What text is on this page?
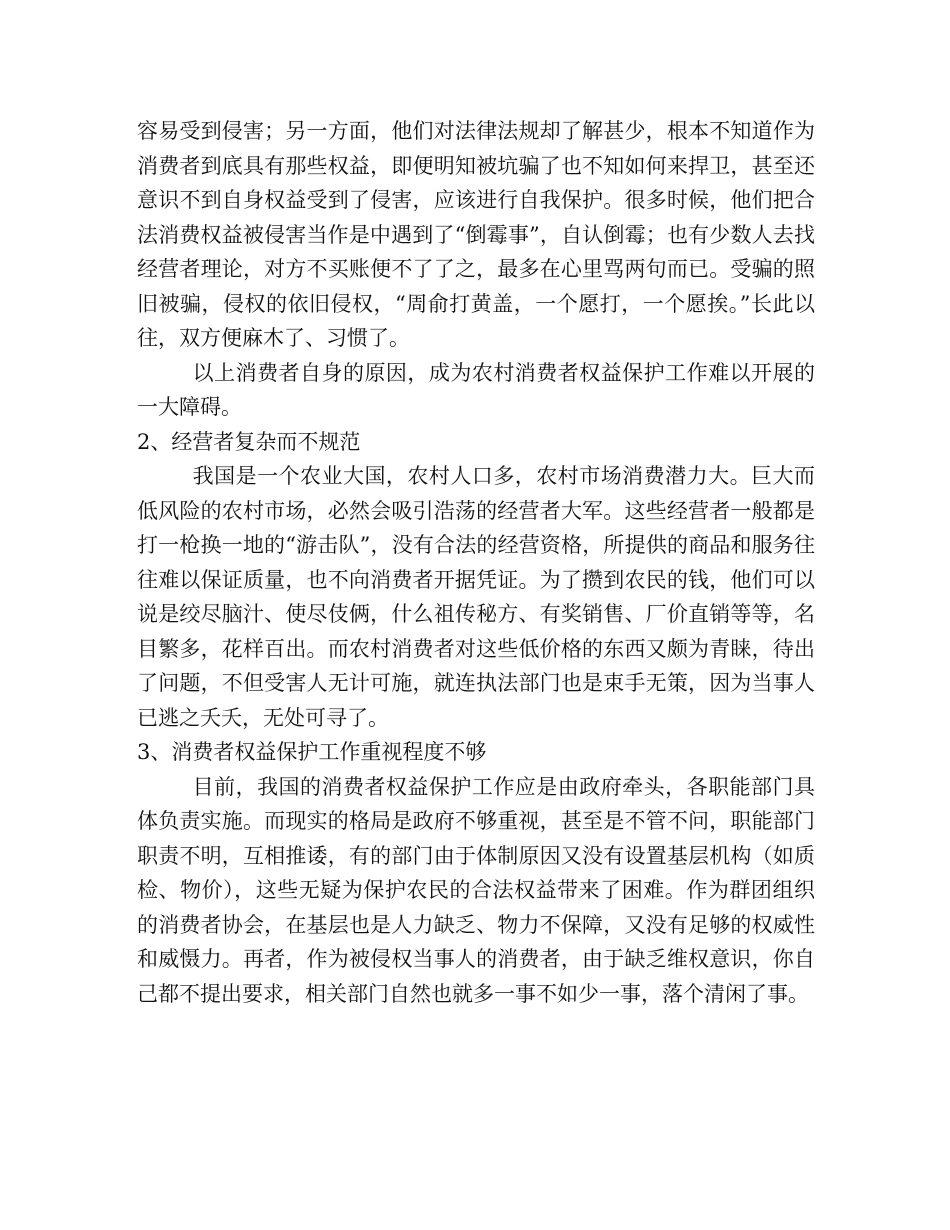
容易受到侵害；另一方面，他们对法律法规却了解甚少，根本不知道作为消费者到底具有那些权益，即便明知被坑骗了也不知如何来捍卫，甚至还意识不到自身权益受到了侵害，应该进行自我保护。很多时候，他们把合法消费权益被侵害当作是中遇到了“倒霉事”，自认倒霉；也有少数人去找经营者理论，对方不买账便不了了之，最多在心里骂两句而已。受骗的照旧被骗，侵权的依旧侵权，“周俞打黄盖，一个愿打，一个愿挨。”长此以往，双方便麻木了、习惯了。

以上消费者自身的原因，成为农村消费者权益保护工作难以开展的一大障碍。

2、经营者复杂而不规范

我国是一个农业大国，农村人口多，农村市场消费潜力大。巨大而低风险的农村市场，必然会吸引浩荡的经营者大军。这些经营者一般都是打一枪换一地的“游击队”，没有合法的经营资格，所提供的商品和服务往往难以保证质量，也不向消费者开据凭证。为了攒到农民的钱，他们可以说是绞尽脑汁、使尽伎俩，什么祖传秘方、有奖销售、厂价直销等等，名目繁多，花样百出。而农村消费者对这些低价格的东西又颇为青睐，待出了问题，不但受害人无计可施，就连执法部门也是束手无策，因为当事人已逃之夭夭，无处可寻了。

3、消费者权益保护工作重视程度不够

目前，我国的消费者权益保护工作应是由政府牵头，各职能部门具体负责实施。而现实的格局是政府不够重视，甚至是不管不问，职能部门职责不明，互相推诿，有的部门由于体制原因又没有设置基层机构（如质检、物价），这些无疑为保护农民的合法权益带来了困难。作为群团组织的消费者协会，在基层也是人力缺乏、物力不保障，又没有足够的权威性和威慑力。再者，作为被侵权当事人的消费者，由于缺乏维权意识，你自己都不提出要求，相关部门自然也就多一事不如少一事，落个清闲了事。
